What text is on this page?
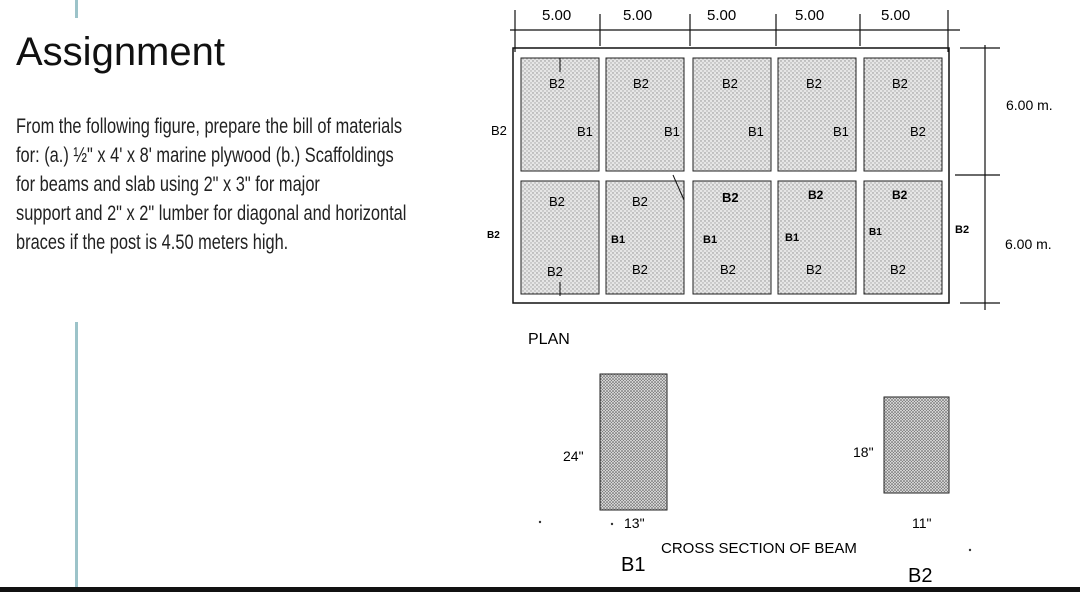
Assignment
From the following figure, prepare the bill of materials
for: (a.) ½" x 4' x 8' marine plywood (b.) Scaffoldings
for beams and slab using 2" x 3" for major
support and 2" x 2" lumber for diagonal and horizontal
braces if the post is 4.50 meters high.
5.00	5.00	5.00	5.00	5.00
6.00 m.
6.00 m.
B2	B2	B2	B2	B2
B1	B1	B1	B1	B2
B2	B2	B2	B2	B2
B1	B1	B1	B1
B2	B2	B2	B2	B2
B2
B2	B2
PLAN
24"
13"
B1
18"
11"
B2
CROSS SECTION OF BEAM
